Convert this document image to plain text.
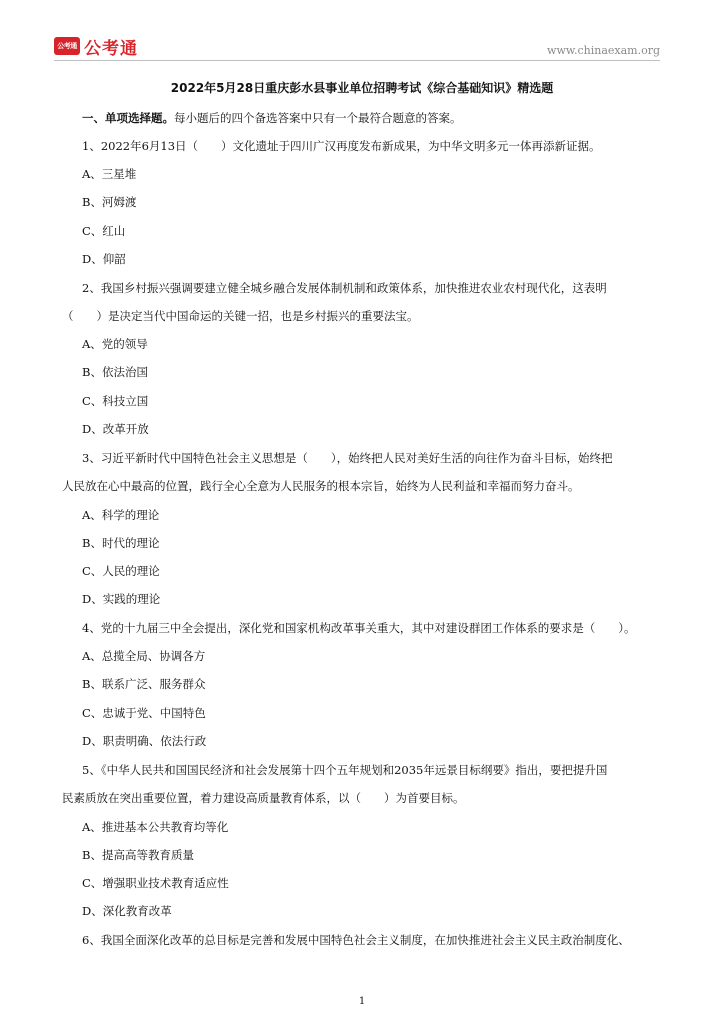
公考通 公考通	www.chinaexam.org
2022年5月28日重庆彭水县事业单位招聘考试《综合基础知识》精选题
一、单项选择题。每小题后的四个备选答案中只有一个最符合题意的答案。
1、2022年6月13日（　　）文化遗址于四川广汉再度发布新成果，为中华文明多元一体再添新证据。
A、三星堆
B、河姆渡
C、红山
D、仰韶
2、我国乡村振兴强调要建立健全城乡融合发展体制机制和政策体系，加快推进农业农村现代化，这表明
（　　）是决定当代中国命运的关键一招，也是乡村振兴的重要法宝。
A、党的领导
B、依法治国
C、科技立国
D、改革开放
3、习近平新时代中国特色社会主义思想是（　　），始终把人民对美好生活的向往作为奋斗目标，始终把
人民放在心中最高的位置，践行全心全意为人民服务的根本宗旨，始终为人民利益和幸福而努力奋斗。
A、科学的理论
B、时代的理论
C、人民的理论
D、实践的理论
4、党的十九届三中全会提出，深化党和国家机构改革事关重大，其中对建设群团工作体系的要求是（　　）。
A、总揽全局、协调各方
B、联系广泛、服务群众
C、忠诚于党、中国特色
D、职责明确、依法行政
5、《中华人民共和国国民经济和社会发展第十四个五年规划和2035年远景目标纲要》指出，要把提升国
民素质放在突出重要位置，着力建设高质量教育体系，以（　　）为首要目标。
A、推进基本公共教育均等化
B、提高高等教育质量
C、增强职业技术教育适应性
D、深化教育改革
6、我国全面深化改革的总目标是完善和发展中国特色社会主义制度，在加快推进社会主义民主政治制度化、
1
